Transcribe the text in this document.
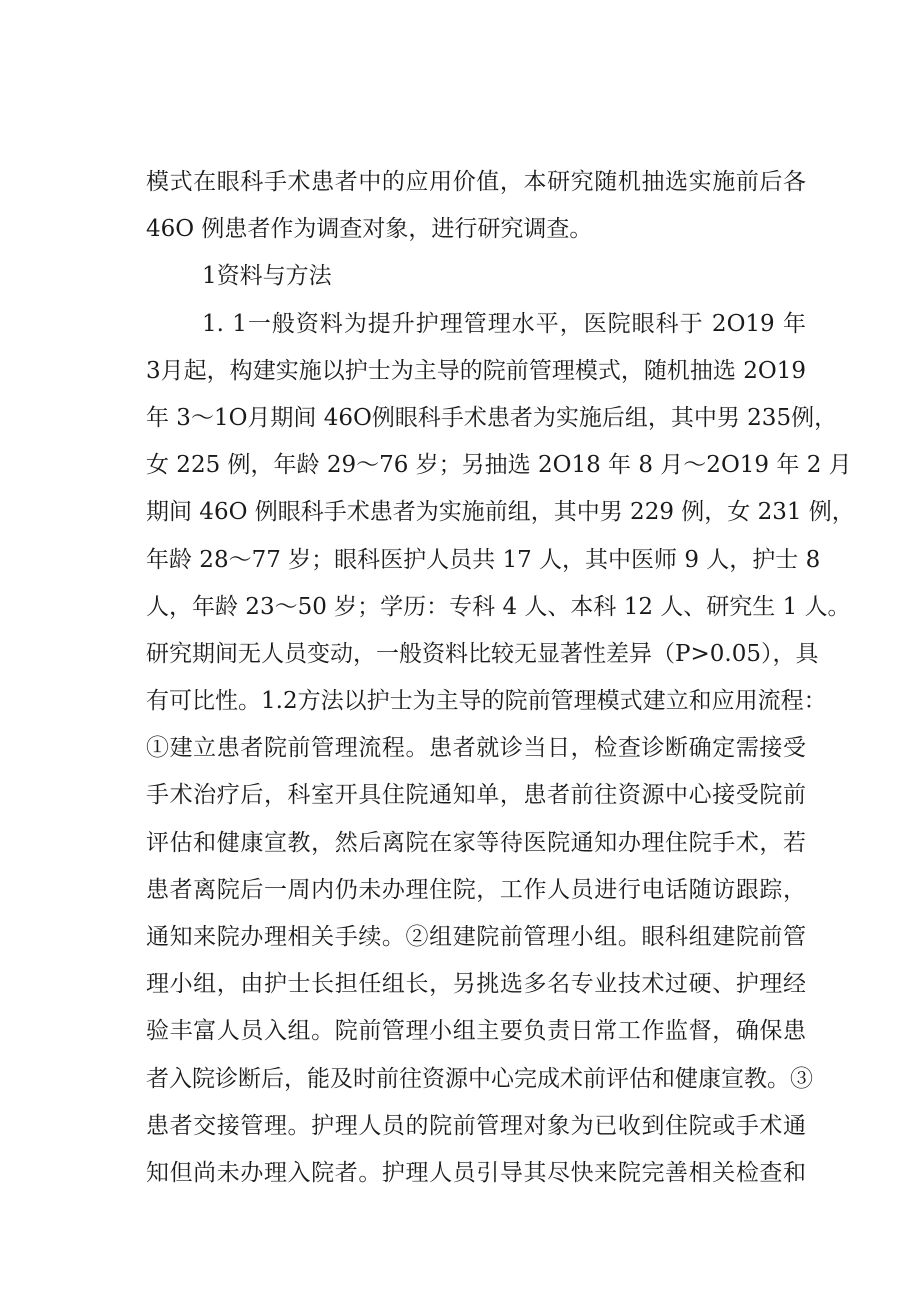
模式在眼科手术患者中的应用价值，本研究随机抽选实施前后各
46O 例患者作为调查对象，进行研究调查。
1资料与方法
1. 1一般资料为提升护理管理水平，医院眼科于 2O19 年
3月起，构建实施以护士为主导的院前管理模式，随机抽选 2O19
年 3～1O月期间 46O例眼科手术患者为实施后组，其中男 235例，
女 225 例，年龄 29～76 岁；另抽选 2O18 年 8 月～2O19 年 2 月
期间 46O 例眼科手术患者为实施前组，其中男 229 例，女 231 例，
年龄 28～77 岁；眼科医护人员共 17 人，其中医师 9 人，护士 8
人，年龄 23～50 岁；学历：专科 4 人、本科 12 人、研究生 1 人。
研究期间无人员变动，一般资料比较无显著性差异（P>0.05），具
有可比性。1.2方法以护士为主导的院前管理模式建立和应用流程：
①建立患者院前管理流程。患者就诊当日，检查诊断确定需接受
手术治疗后，科室开具住院通知单，患者前往资源中心接受院前
评估和健康宣教，然后离院在家等待医院通知办理住院手术，若
患者离院后一周内仍未办理住院，工作人员进行电话随访跟踪，
通知来院办理相关手续。②组建院前管理小组。眼科组建院前管
理小组，由护士长担任组长，另挑选多名专业技术过硬、护理经
验丰富人员入组。院前管理小组主要负责日常工作监督，确保患
者入院诊断后，能及时前往资源中心完成术前评估和健康宣教。③
患者交接管理。护理人员的院前管理对象为已收到住院或手术通
知但尚未办理入院者。护理人员引导其尽快来院完善相关检查和
